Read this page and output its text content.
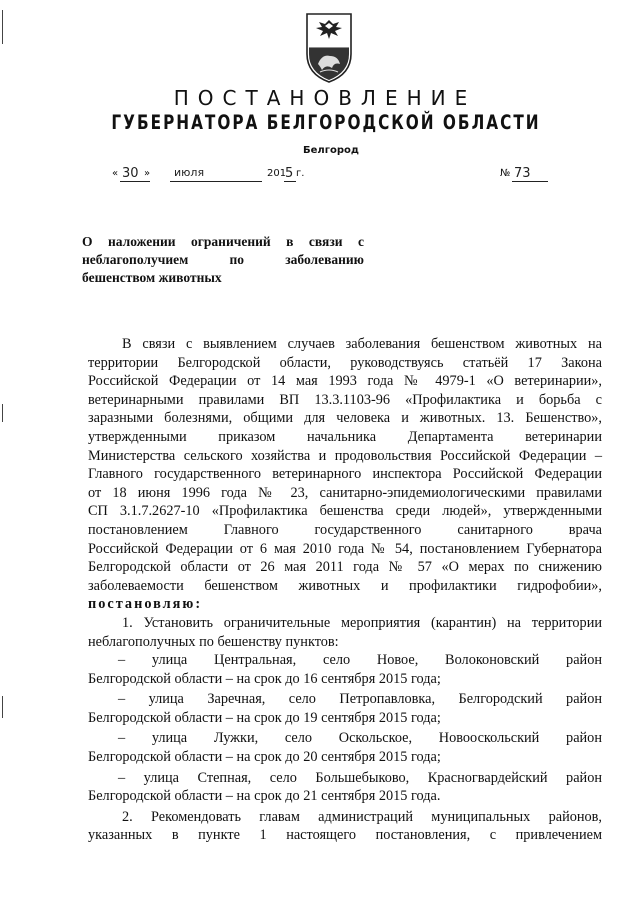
ПОСТАНОВЛЕНИЕ
ГУБЕРНАТОРА БЕЛГОРОДСКОЙ ОБЛАСТИ
Белгород
« 30 » июля	201
5 г.	№ 73
О наложении ограничений в связи с
неблагополучием по заболеванию
бешенством животных
В связи с выявлением случаев заболевания бешенством животных на
территории Белгородской области, руководствуясь статьёй 17 Закона
Российской Федерации от 14 мая 1993 года № 4979-1 «О ветеринарии»,
ветеринарными правилами ВП 13.3.1103-96 «Профилактика и борьба с
заразными болезнями, общими для человека и животных. 13. Бешенство»,
утвержденными приказом начальника Департамента ветеринарии
Министерства сельского хозяйства и продовольствия Российской Федерации –
Главного государственного ветеринарного инспектора Российской Федерации
от 18 июня 1996 года № 23, санитарно-эпидемиологическими правилами
СП 3.1.7.2627-10 «Профилактика бешенства среди людей», утвержденными
постановлением Главного государственного санитарного врача
Российской Федерации от 6 мая 2010 года № 54, постановлением Губернатора
Белгородской области от 26 мая 2011 года № 57 «О мерах по снижению
заболеваемости бешенством животных и профилактики гидрофобии»,
постановляю:
1. Установить ограничительные мероприятия (карантин) на территории
неблагополучных по бешенству пунктов:
– улица Центральная, село Новое, Волоконовский район
Белгородской области – на срок до 16 сентября 2015 года;
– улица Заречная, село Петропавловка, Белгородский район
Белгородской области – на срок до 19 сентября 2015 года;
– улица Лужки, село Оскольское, Новооскольский район
Белгородской области – на срок до 20 сентября 2015 года;
– улица Степная, село Большебыково, Красногвардейский район
Белгородской области – на срок до 21 сентября 2015 года.
2. Рекомендовать главам администраций муниципальных районов,
указанных в пункте 1 настоящего постановления, с привлечением
